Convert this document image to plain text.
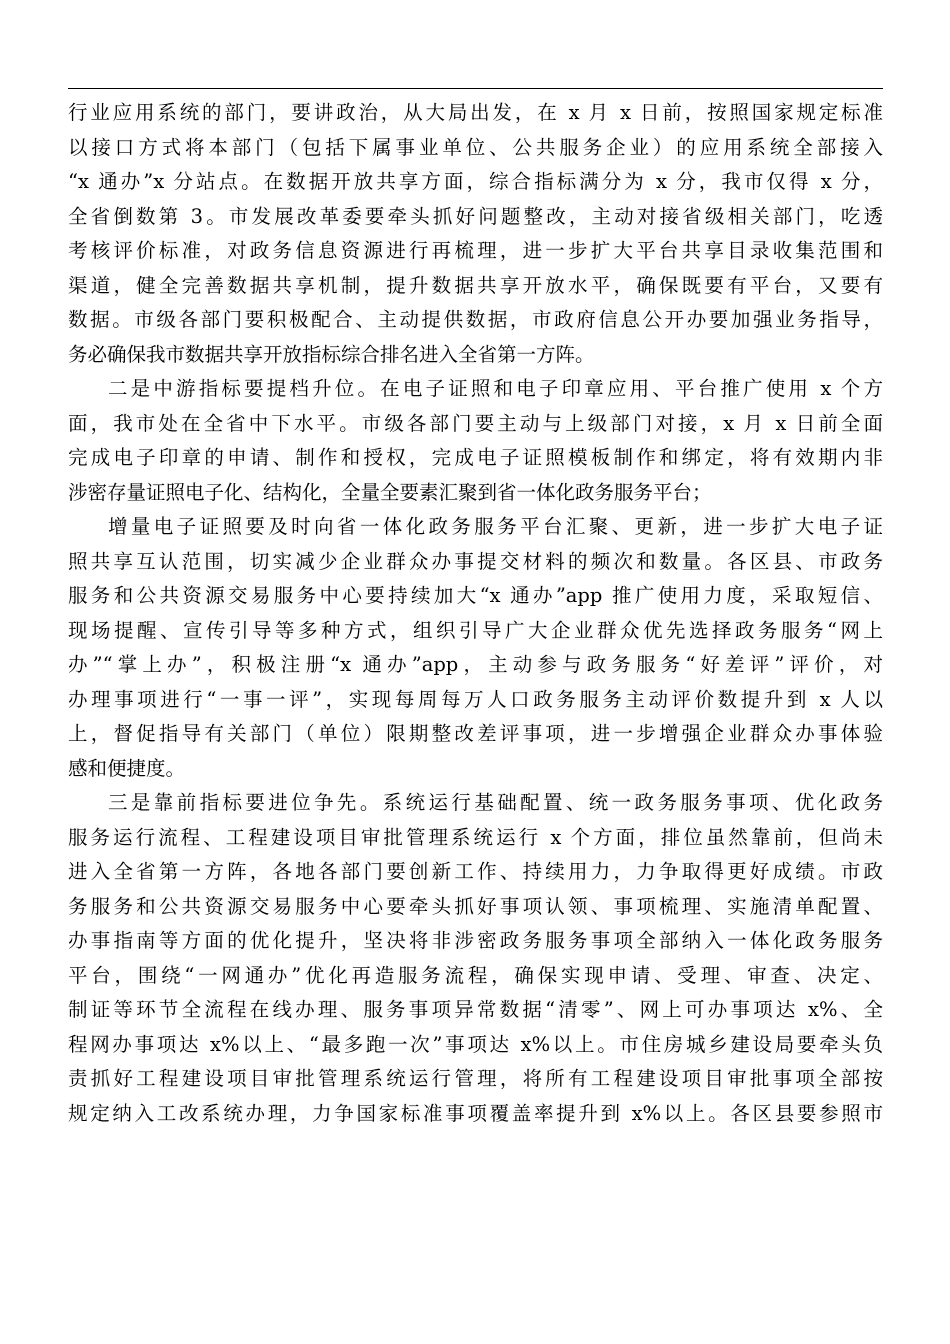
行业应用系统的部门，要讲政治，从大局出发，在 x 月 x 日前，按照国家规定标准
以接口方式将本部门（包括下属事业单位、公共服务企业）的应用系统全部接入
“x 通办”x 分站点。在数据开放共享方面，综合指标满分为 x 分，我市仅得 x 分，
全省倒数第 3。市发展改革委要牵头抓好问题整改，主动对接省级相关部门，吃透
考核评价标准，对政务信息资源进行再梳理，进一步扩大平台共享目录收集范围和
渠道，健全完善数据共享机制，提升数据共享开放水平，确保既要有平台，又要有
数据。市级各部门要积极配合、主动提供数据，市政府信息公开办要加强业务指导，
务必确保我市数据共享开放指标综合排名进入全省第一方阵。
二是中游指标要提档升位。在电子证照和电子印章应用、平台推广使用 x 个方
面，我市处在全省中下水平。市级各部门要主动与上级部门对接，x 月 x 日前全面
完成电子印章的申请、制作和授权，完成电子证照模板制作和绑定，将有效期内非
涉密存量证照电子化、结构化，全量全要素汇聚到省一体化政务服务平台；
增量电子证照要及时向省一体化政务服务平台汇聚、更新，进一步扩大电子证
照共享互认范围，切实减少企业群众办事提交材料的频次和数量。各区县、市政务
服务和公共资源交易服务中心要持续加大“x 通办”app 推广使用力度，采取短信、
现场提醒、宣传引导等多种方式，组织引导广大企业群众优先选择政务服务“网上
办”“掌上办”，积极注册“x 通办”app，主动参与政务服务“好差评”评价，对
办理事项进行“一事一评”，实现每周每万人口政务服务主动评价数提升到 x 人以
上，督促指导有关部门（单位）限期整改差评事项，进一步增强企业群众办事体验
感和便捷度。
三是靠前指标要进位争先。系统运行基础配置、统一政务服务事项、优化政务
服务运行流程、工程建设项目审批管理系统运行 x 个方面，排位虽然靠前，但尚未
进入全省第一方阵，各地各部门要创新工作、持续用力，力争取得更好成绩。市政
务服务和公共资源交易服务中心要牵头抓好事项认领、事项梳理、实施清单配置、
办事指南等方面的优化提升，坚决将非涉密政务服务事项全部纳入一体化政务服务
平台，围绕“一网通办”优化再造服务流程，确保实现申请、受理、审查、决定、
制证等环节全流程在线办理、服务事项异常数据“清零”、网上可办事项达 x%、全
程网办事项达 x%以上、“最多跑一次”事项达 x%以上。市住房城乡建设局要牵头负
责抓好工程建设项目审批管理系统运行管理，将所有工程建设项目审批事项全部按
规定纳入工改系统办理，力争国家标准事项覆盖率提升到 x%以上。各区县要参照市
